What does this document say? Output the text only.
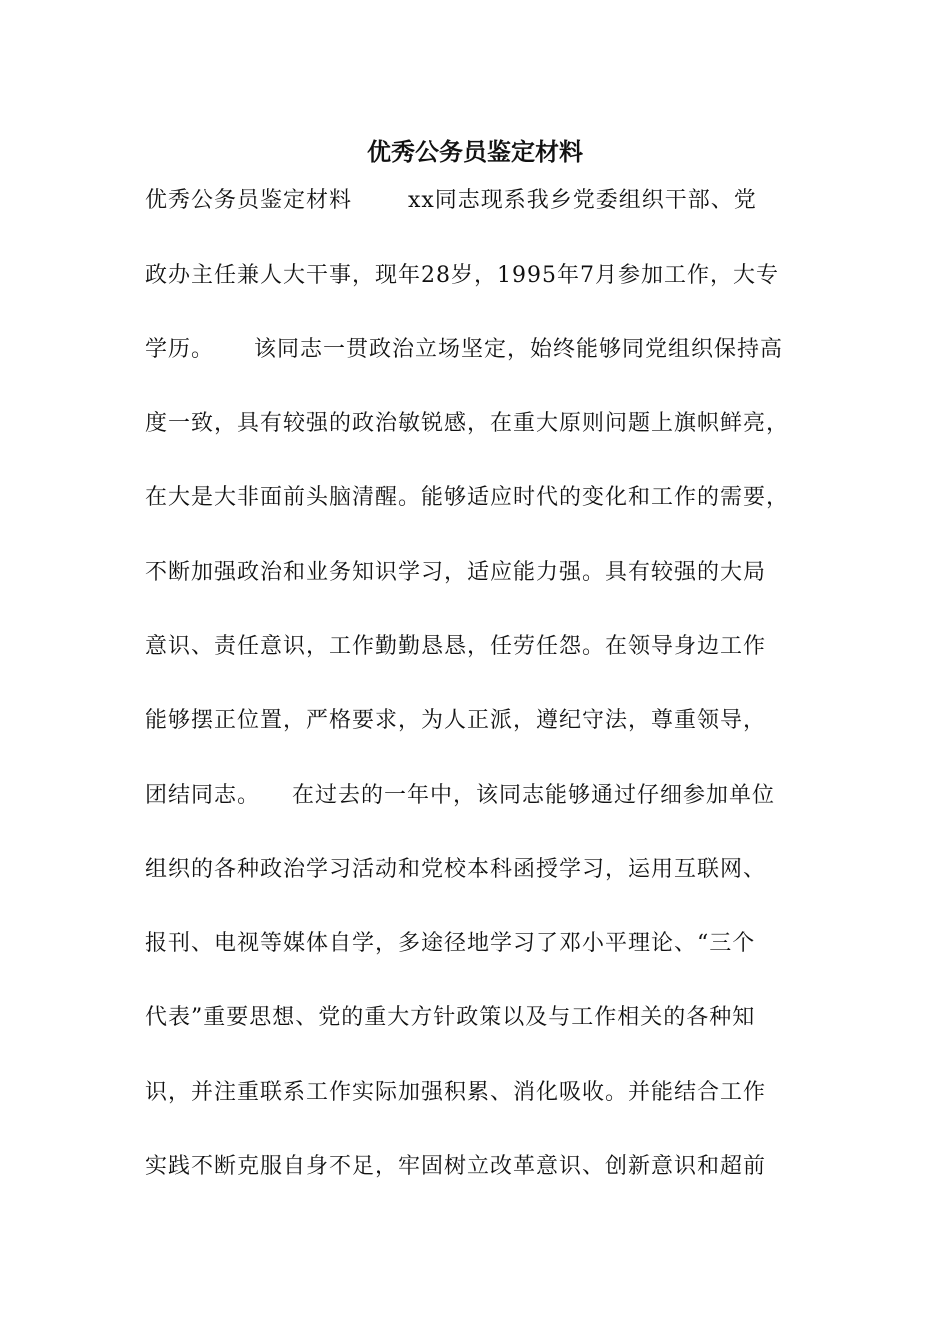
优秀公务员鉴定材料

优秀公务员鉴定材料       xx同志现系我乡党委组织干部、党

政办主任兼人大干事，现年28岁，1995年7月参加工作，大专

学历。     该同志一贯政治立场坚定，始终能够同党组织保持高

度一致，具有较强的政治敏锐感，在重大原则问题上旗帜鲜亮，

在大是大非面前头脑清醒。能够适应时代的变化和工作的需要，

不断加强政治和业务知识学习，适应能力强。具有较强的大局

意识、责任意识，工作勤勤恳恳，任劳任怨。在领导身边工作

能够摆正位置，严格要求，为人正派，遵纪守法，尊重领导，

团结同志。    在过去的一年中，该同志能够通过仔细参加单位

组织的各种政治学习活动和党校本科函授学习，运用互联网、

报刊、电视等媒体自学，多途径地学习了邓小平理论、“三个

代表”重要思想、党的重大方针政策以及与工作相关的各种知

识，并注重联系工作实际加强积累、消化吸收。并能结合工作

实践不断克服自身不足，牢固树立改革意识、创新意识和超前
